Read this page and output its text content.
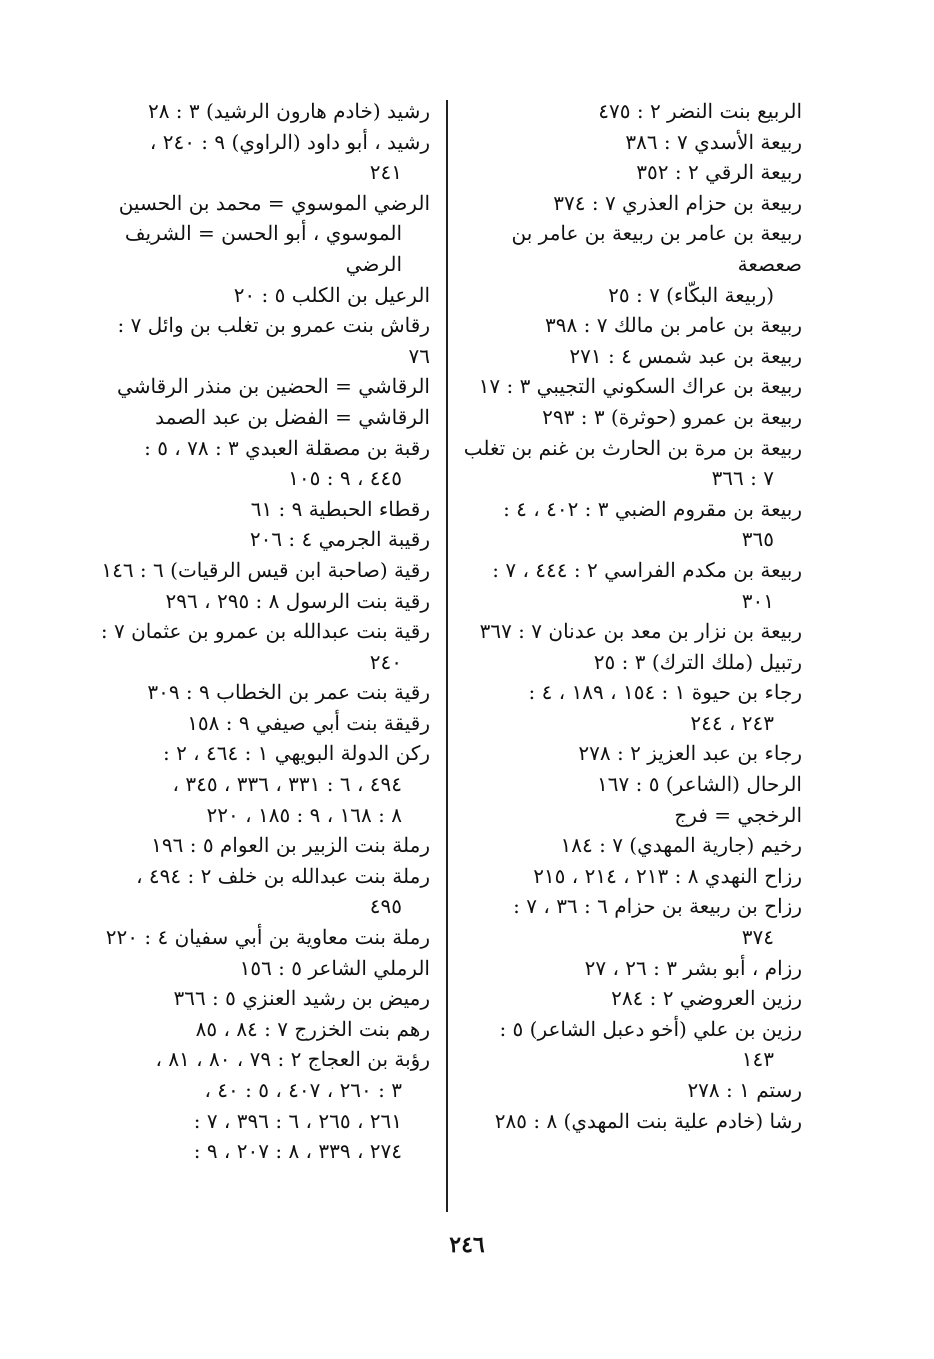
الربيع بنت النضر ٢ : ٤٧٥
ربيعة الأسدي ٧ : ٣٨٦
ربيعة الرقي ٢ : ٣٥٢
ربيعة بن حزام العذري ٧ : ٣٧٤
ربيعة بن عامر بن ربيعة بن عامر بن صعصعة
(ربيعة البكّاء) ٧ : ٢٥
ربيعة بن عامر بن مالك ٧ : ٣٩٨
ربيعة بن عبد شمس ٤ : ٢٧١
ربيعة بن عراك السكوني التجيبي ٣ : ١٧
ربيعة بن عمرو (حوثرة) ٣ : ٢٩٣
ربيعة بن مرة بن الحارث بن غنم بن تغلب
٧ : ٣٦٦
ربيعة بن مقروم الضبي ٣ : ٤٠٢ ، ٤ :
٣٦٥
ربيعة بن مكدم الفراسي ٢ : ٤٤٤ ، ٧ :
٣٠١
ربيعة بن نزار بن معد بن عدنان ٧ : ٣٦٧
رتبيل (ملك الترك) ٣ : ٢٥
رجاء بن حيوة ١ : ١٥٤ ، ١٨٩ ، ٤ :
٢٤٣ ، ٢٤٤
رجاء بن عبد العزيز ٢ : ٢٧٨
الرحال (الشاعر) ٥ : ١٦٧
الرخجي = فرج
رخيم (جارية المهدي) ٧ : ١٨٤
رزاح النهدي ٨ : ٢١٣ ، ٢١٤ ، ٢١٥
رزاح بن ربيعة بن حزام ٦ : ٣٦ ، ٧ :
٣٧٤
رزام ، أبو بشر ٣ : ٢٦ ، ٢٧
رزين العروضي ٢ : ٢٨٤
رزين بن علي (أخو دعبل الشاعر) ٥ :
١٤٣
رستم ١ : ٢٧٨
رشا (خادم علية بنت المهدي) ٨ : ٢٨٥
رشيد (خادم هارون الرشيد) ٣ : ٢٨
رشيد ، أبو داود (الراوي) ٩ : ٢٤٠ ،
٢٤١
الرضي الموسوي = محمد بن الحسين
الموسوي ، أبو الحسن = الشريف
الرضي
الرعيل بن الكلب ٥ : ٢٠
رقاش بنت عمرو بن تغلب بن وائل ٧ : ٧٦
الرقاشي = الحضين بن منذر الرقاشي
الرقاشي = الفضل بن عبد الصمد
رقبة بن مصقلة العبدي ٣ : ٧٨ ، ٥ :
٤٤٥ ، ٩ : ١٠٥
رقطاء الحبطية ٩ : ٦١
رقيبة الجرمي ٤ : ٢٠٦
رقية (صاحبة ابن قيس الرقيات) ٦ : ١٤٦
رقية بنت الرسول ٨ : ٢٩٥ ، ٢٩٦
رقية بنت عبدالله بن عمرو بن عثمان ٧ :
٢٤٠
رقية بنت عمر بن الخطاب ٩ : ٣٠٩
رقيقة بنت أبي صيفي ٩ : ١٥٨
ركن الدولة البويهي ١ : ٤٦٤ ، ٢ :
٤٩٤ ، ٦ : ٣٣١ ، ٣٣٦ ، ٣٤٥ ،
٨ : ١٦٨ ، ٩ : ١٨٥ ، ٢٢٠
رملة بنت الزبير بن العوام ٥ : ١٩٦
رملة بنت عبدالله بن خلف ٢ : ٤٩٤ ،
٤٩٥
رملة بنت معاوية بن أبي سفيان ٤ : ٢٢٠
الرملي الشاعر ٥ : ١٥٦
رميض بن رشيد العنزي ٥ : ٣٦٦
رهم بنت الخزرج ٧ : ٨٤ ، ٨٥
رؤبة بن العجاج ٢ : ٧٩ ، ٨٠ ، ٨١ ،
٣ : ٢٦٠ ، ٤٠٧ ، ٥ : ٤٠ ،
٢٦١ ، ٢٦٥ ، ٦ : ٣٩٦ ، ٧ :
٢٧٤ ، ٣٣٩ ، ٨ : ٢٠٧ ، ٩ :
٢٤٦
